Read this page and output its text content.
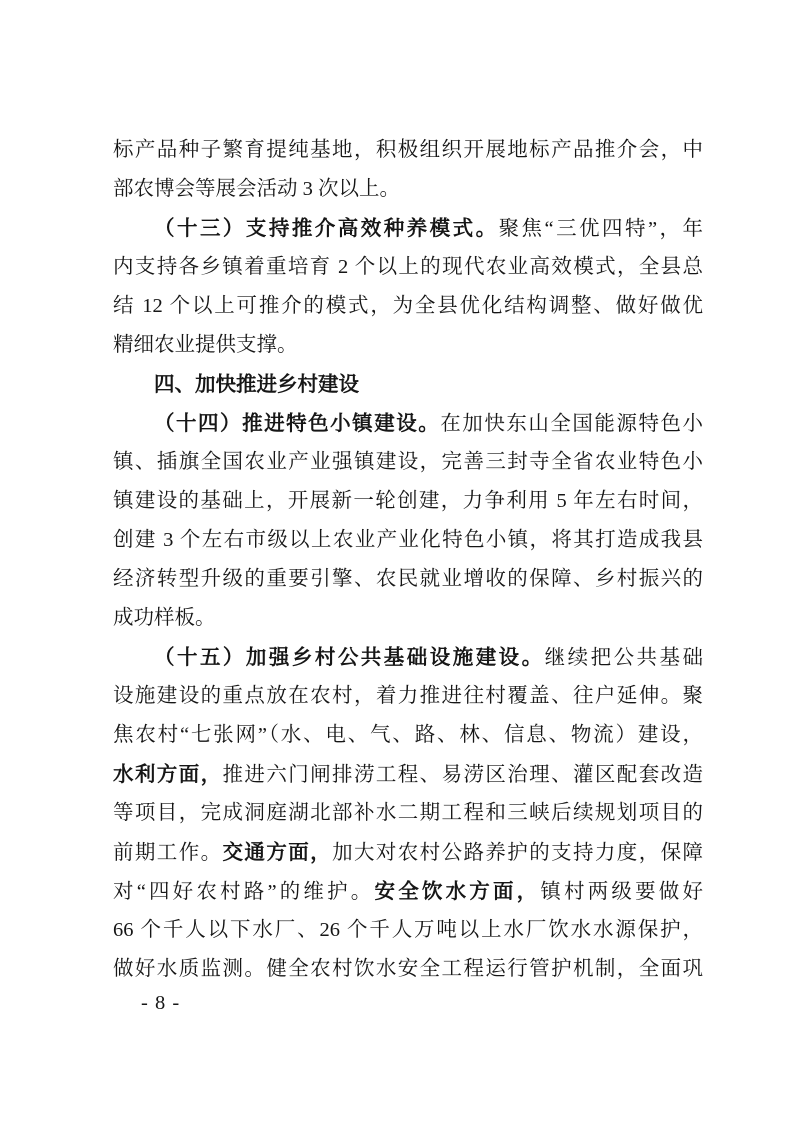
标产品种子繁育提纯基地，积极组织开展地标产品推介会，中
部农博会等展会活动 3 次以上。
（十三）支持推介高效种养模式。聚焦“三优四特”，年
内支持各乡镇着重培育 2 个以上的现代农业高效模式，全县总
结 12 个以上可推介的模式，为全县优化结构调整、做好做优
精细农业提供支撑。
四、加快推进乡村建设
（十四）推进特色小镇建设。在加快东山全国能源特色小
镇、插旗全国农业产业强镇建设，完善三封寺全省农业特色小
镇建设的基础上，开展新一轮创建，力争利用 5 年左右时间，
创建 3 个左右市级以上农业产业化特色小镇，将其打造成我县
经济转型升级的重要引擎、农民就业增收的保障、乡村振兴的
成功样板。
（十五）加强乡村公共基础设施建设。继续把公共基础
设施建设的重点放在农村，着力推进往村覆盖、往户延伸。聚
焦农村“七张网”（水、电、气、路、林、信息、物流）建设，
水利方面，推进六门闸排涝工程、易涝区治理、灌区配套改造
等项目，完成洞庭湖北部补水二期工程和三峡后续规划项目的
前期工作。交通方面，加大对农村公路养护的支持力度，保障
对“四好农村路”的维护。安全饮水方面，镇村两级要做好
66 个千人以下水厂、26 个千人万吨以上水厂饮水水源保护，
做好水质监测。健全农村饮水安全工程运行管护机制，全面巩
- 8 -
